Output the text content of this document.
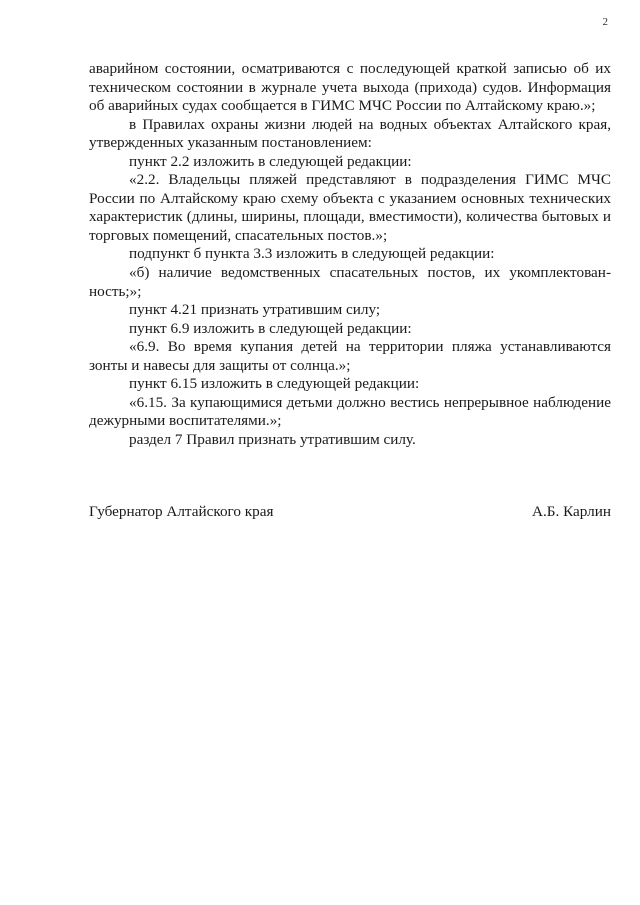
2

аварийном состоянии, осматриваются с последующей краткой записью об их техническом состоянии в журнале учета выхода (прихода) судов. Информация об аварийных судах сообщается в ГИМС МЧС России по Алтайскому краю.»;

в Правилах охраны жизни людей на водных объектах Алтайского края, утвержденных указанным постановлением:

пункт 2.2 изложить в следующей редакции:

«2.2. Владельцы пляжей представляют в подразделения ГИМС МЧС России по Алтайскому краю схему объекта с указанием основных технических характеристик (длины, ширины, площади, вместимости), количества бытовых и торговых помещений, спасательных постов.»;

подпункт б пункта 3.3 изложить в следующей редакции:

«б) наличие ведомственных спасательных постов, их укомплектованность;»;

пункт 4.21 признать утратившим силу;

пункт 6.9 изложить в следующей редакции:

«6.9. Во время купания детей на территории пляжа устанавливаются зонты и навесы для защиты от солнца.»;

пункт 6.15 изложить в следующей редакции:

«6.15. За купающимися детьми должно вестись непрерывное наблюдение дежурными воспитателями.»;

раздел 7 Правил признать утратившим силу.

Губернатор Алтайского края	А.Б. Карлин
